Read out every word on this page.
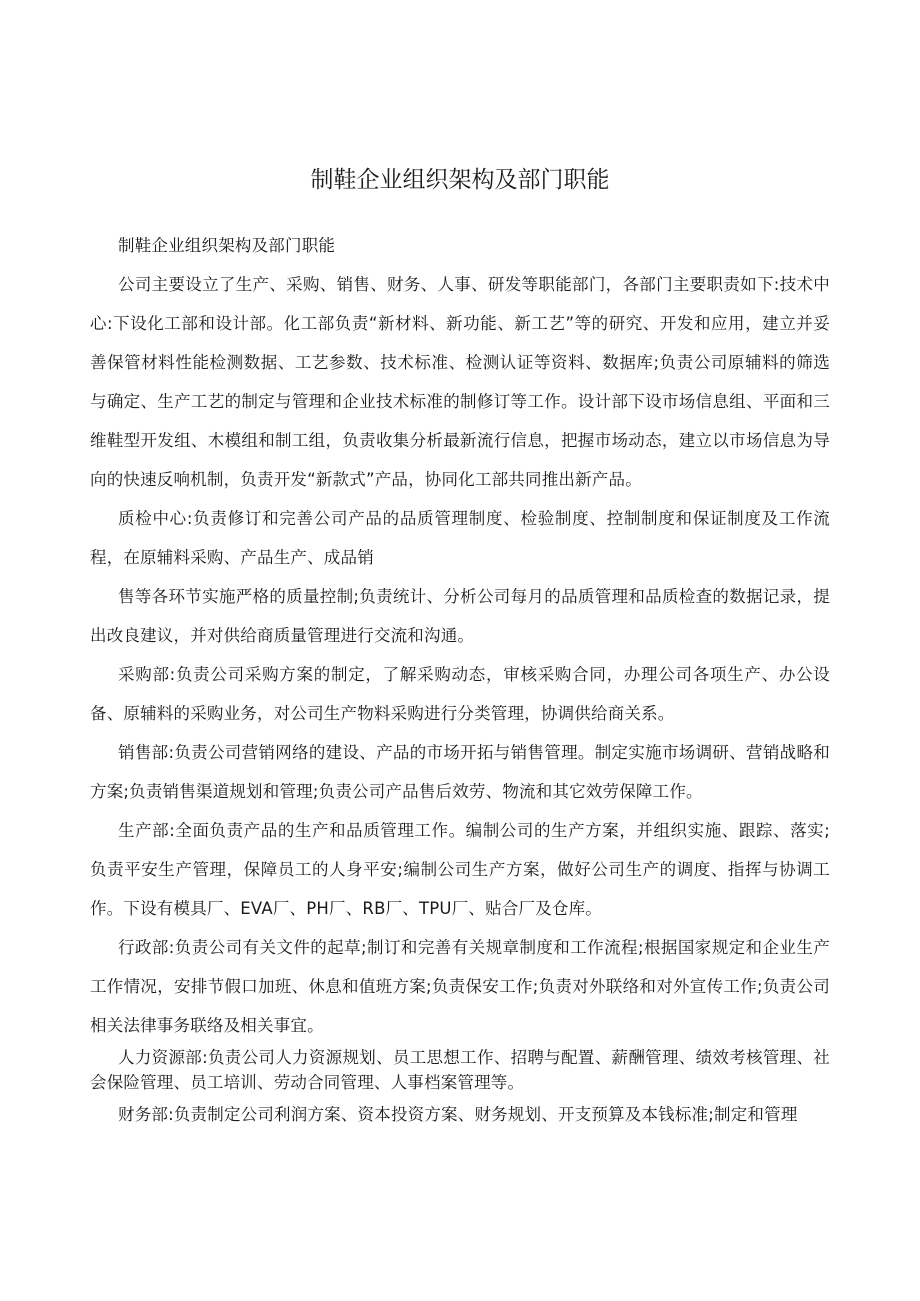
制鞋企业组织架构及部门职能

制鞋企业组织架构及部门职能

公司主要设立了生产、采购、销售、财务、人事、研发等职能部门，各部门主要职责如下:技术中心:下设化工部和设计部。化工部负责“新材料、新功能、新工艺”等的研究、开发和应用，建立并妥善保管材料性能检测数据、工艺参数、技术标准、检测认证等资料、数据库;负责公司原辅料的筛选与确定、生产工艺的制定与管理和企业技术标准的制修订等工作。设计部下设市场信息组、平面和三维鞋型开发组、木模组和制工组，负责收集分析最新流行信息，把握市场动态，建立以市场信息为导向的快速反响机制，负责开发“新款式”产品，协同化工部共同推出新产品。

质检中心:负责修订和完善公司产品的品质管理制度、检验制度、控制制度和保证制度及工作流程，在原辅料采购、产品生产、成品销

售等各环节实施严格的质量控制;负责统计、分析公司每月的品质管理和品质检查的数据记录，提出改良建议，并对供给商质量管理进行交流和沟通。

采购部:负责公司采购方案的制定，了解采购动态，审核采购合同，办理公司各项生产、办公设备、原辅料的采购业务，对公司生产物料采购进行分类管理，协调供给商关系。

销售部:负责公司营销网络的建设、产品的市场开拓与销售管理。制定实施市场调研、营销战略和方案;负责销售渠道规划和管理;负责公司产品售后效劳、物流和其它效劳保障工作。

生产部:全面负责产品的生产和品质管理工作。编制公司的生产方案，并组织实施、跟踪、落实;负责平安生产管理，保障员工的人身平安;编制公司生产方案，做好公司生产的调度、指挥与协调工作。下设有模具厂、EVA厂、PH厂、RB厂、TPU厂、贴合厂及仓库。

行政部:负责公司有关文件的起草;制订和完善有关规章制度和工作流程;根据国家规定和企业生产工作情况，安排节假口加班、休息和值班方案;负责保安工作;负责对外联络和对外宣传工作;负责公司相关法律事务联络及相关事宜。

人力资源部:负责公司人力资源规划、员工思想工作、招聘与配置、薪酬管理、绩效考核管理、社会保险管理、员工培训、劳动合同管理、人事档案管理等。

财务部:负责制定公司利润方案、资本投资方案、财务规划、开支预算及本钱标准;制定和管理
